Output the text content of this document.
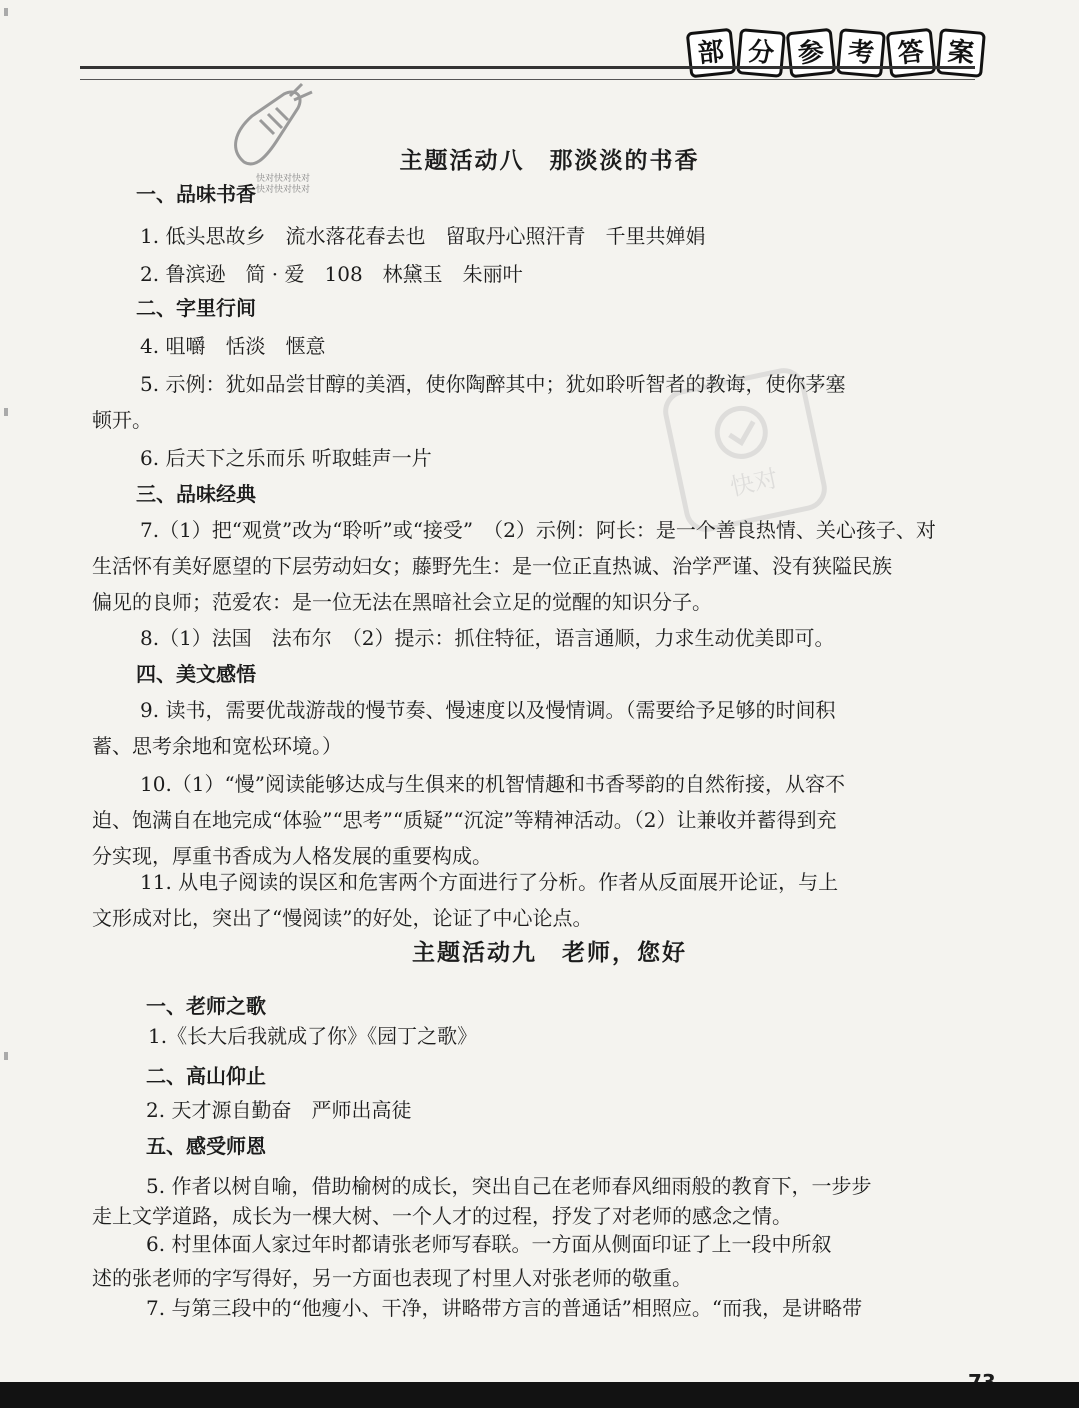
部 分 参 考 答 案
快对快对快对
快对快对快对
快对
主题活动八　那淡淡的书香
一、品味书香
1. 低头思故乡　流水落花春去也　留取丹心照汗青　千里共婵娟
2. 鲁滨逊　简 · 爱　108　林黛玉　朱丽叶
二、字里行间
4. 咀嚼　恬淡　惬意
5. 示例：犹如品尝甘醇的美酒，使你陶醉其中；犹如聆听智者的教诲，使你茅塞
顿开。
6. 后天下之乐而乐 听取蛙声一片
三、品味经典
7.（1）把“观赏”改为“聆听”或“接受”　（2）示例：阿长：是一个善良热情、关心孩子、对
生活怀有美好愿望的下层劳动妇女；藤野先生：是一位正直热诚、治学严谨、没有狭隘民族
偏见的良师；范爱农：是一位无法在黑暗社会立足的觉醒的知识分子。
8.（1）法国　法布尔　（2）提示：抓住特征，语言通顺，力求生动优美即可。
四、美文感悟
9. 读书，需要优哉游哉的慢节奏、慢速度以及慢情调。（需要给予足够的时间积
蓄、思考余地和宽松环境。）
10.（1）“慢”阅读能够达成与生俱来的机智情趣和书香琴韵的自然衔接，从容不
迫、饱满自在地完成“体验”“思考”“质疑”“沉淀”等精神活动。（2）让兼收并蓄得到充
分实现，厚重书香成为人格发展的重要构成。
11. 从电子阅读的误区和危害两个方面进行了分析。作者从反面展开论证，与上
文形成对比，突出了“慢阅读”的好处，论证了中心论点。
主题活动九　老师，您好
一、老师之歌
1.《长大后我就成了你》《园丁之歌》
二、高山仰止
2. 天才源自勤奋　严师出高徒
五、感受师恩
5. 作者以树自喻，借助榆树的成长，突出自己在老师春风细雨般的教育下，一步步
6. 村里体面人家过年时都请张老师写春联。一方面从侧面印证了上一段中所叙
走上文学道路，成长为一棵大树、一个人才的过程，抒发了对老师的感念之情。
述的张老师的字写得好，另一方面也表现了村里人对张老师的敬重。
7. 与第三段中的“他瘦小、干净，讲略带方言的普通话”相照应。“而我，是讲略带
